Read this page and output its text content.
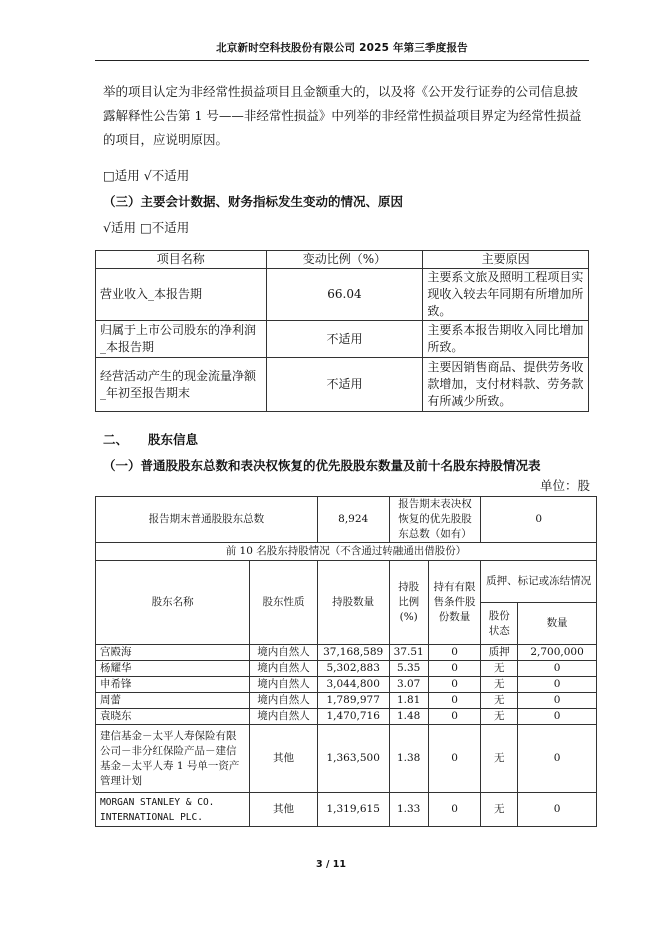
北京新时空科技股份有限公司 2025 年第三季度报告
举的项目认定为非经常性损益项目且金额重大的，以及将《公开发行证券的公司信息披露解释性公告第 1 号——非经常性损益》中列举的非经常性损益项目界定为经常性损益的项目，应说明原因。
□适用 √不适用
（三）主要会计数据、财务指标发生变动的情况、原因
√适用 □不适用
项目名称	变动比例（%）	主要原因
营业收入_本报告期	66.04	主要系文旅及照明工程项目实现收入较去年同期有所增加所致。
归属于上市公司股东的净利润_本报告期	不适用	主要系本报告期收入同比增加所致。
经营活动产生的现金流量净额_年初至报告期末	不适用	主要因销售商品、提供劳务收款增加，支付材料款、劳务款有所减少所致。
二、 股东信息
（一）普通股股东总数和表决权恢复的优先股股东数量及前十名股东持股情况表
单位：股
报告期末普通股股东总数		8,924	报告期末表决权恢复的优先股股东总数（如有）		0	
前 10 名股东持股情况（不含通过转融通出借股份）						
股东名称	股东性质	持股数量	持股比例(%)	持有有限售条件股份数量	质押、标记或冻结情况	
					股份状态	数量
宫殿海	境内自然人	37,168,589	37.51	0	质押	2,700,000
杨耀华	境内自然人	5,302,883	5.35	0	无	0
申希锋	境内自然人	3,044,800	3.07	0	无	0
周蕾	境内自然人	1,789,977	1.81	0	无	0
袁晓东	境内自然人	1,470,716	1.48	0	无	0
建信基金－太平人寿保险有限公司－非分红保险产品－建信基金－太平人寿 1 号单一资产管理计划	其他	1,363,500	1.38	0	无	0
MORGAN STANLEY & CO. INTERNATIONAL PLC.	其他	1,319,615	1.33	0	无	0
3 / 11
